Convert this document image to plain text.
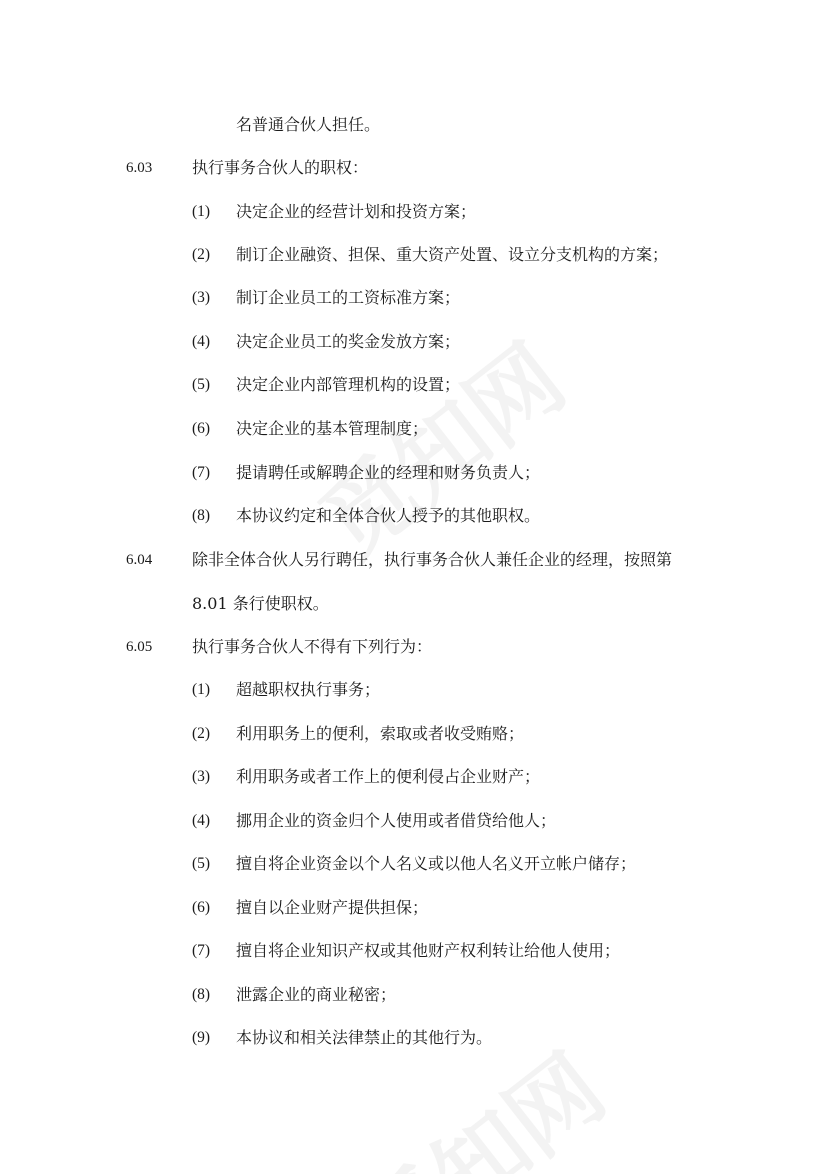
名普通合伙人担任。
6.03 执行事务合伙人的职权：
(1) 决定企业的经营计划和投资方案；
(2) 制订企业融资、担保、重大资产处置、设立分支机构的方案；
(3) 制订企业员工的工资标准方案；
(4) 决定企业员工的奖金发放方案；
(5) 决定企业内部管理机构的设置；
(6) 决定企业的基本管理制度；
(7) 提请聘任或解聘企业的经理和财务负责人；
(8) 本协议约定和全体合伙人授予的其他职权。
6.04 除非全体合伙人另行聘任，执行事务合伙人兼任企业的经理，按照第
8.01 条行使职权。
6.05 执行事务合伙人不得有下列行为：
(1) 超越职权执行事务；
(2) 利用职务上的便利，索取或者收受贿赂；
(3) 利用职务或者工作上的便利侵占企业财产；
(4) 挪用企业的资金归个人使用或者借贷给他人；
(5) 擅自将企业资金以个人名义或以他人名义开立帐户储存；
(6) 擅自以企业财产提供担保；
(7) 擅自将企业知识产权或其他财产权利转让给他人使用；
(8) 泄露企业的商业秘密；
(9) 本协议和相关法律禁止的其他行为。
